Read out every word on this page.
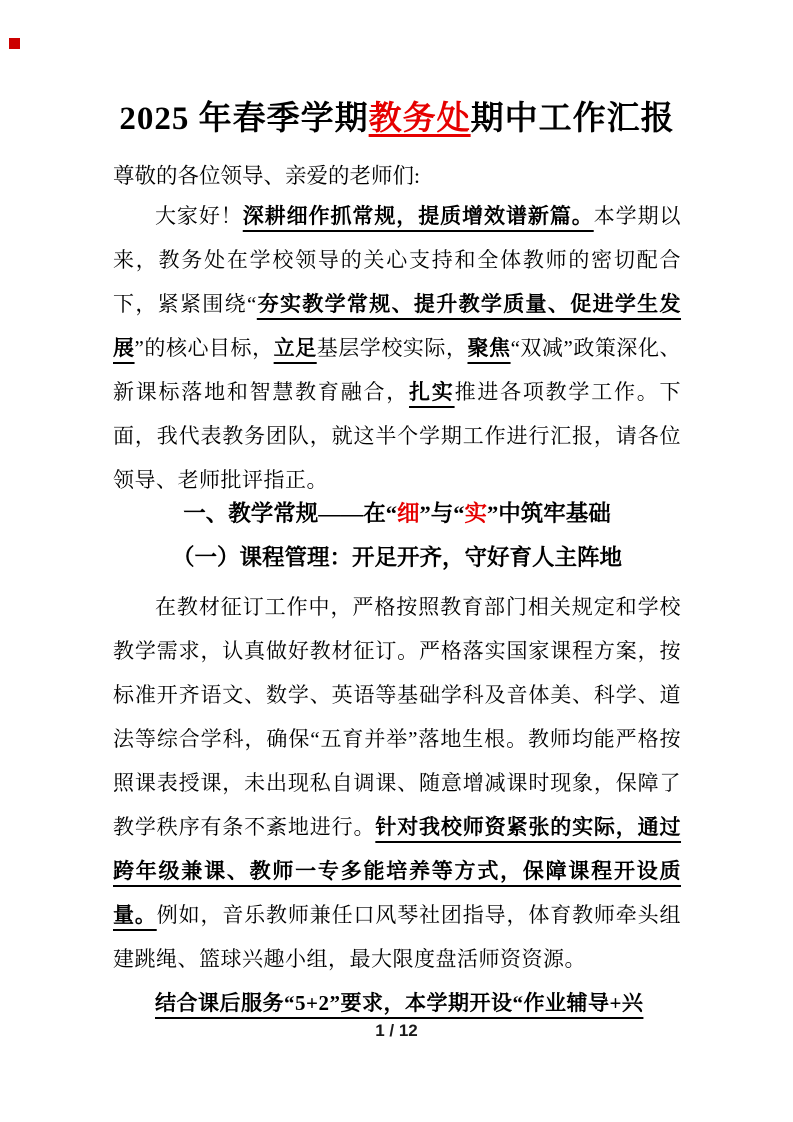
2025 年春季学期教务处期中工作汇报
尊敬的各位领导、亲爱的老师们:

大家好！深耕细作抓常规，提质增效谱新篇。本学期以来，教务处在学校领导的关心支持和全体教师的密切配合下，紧紧围绕“夯实教学常规、提升教学质量、促进学生发展”的核心目标，立足基层学校实际，聚焦“双减”政策深化、新课标落地和智慧教育融合，扎实推进各项教学工作。下面，我代表教务团队，就这半个学期工作进行汇报，请各位领导、老师批评指正。

一、教学常规——在“细”与“实”中筑牢基础
（一）课程管理：开足开齐，守好育人主阵地

在教材征订工作中，严格按照教育部门相关规定和学校教学需求，认真做好教材征订。严格落实国家课程方案，按标准开齐语文、数学、英语等基础学科及音体美、科学、道法等综合学科，确保“五育并举”落地生根。教师均能严格按照课表授课，未出现私自调课、随意增减课时现象，保障了教学秩序有条不紊地进行。针对我校师资紧张的实际，通过跨年级兼课、教师一专多能培养等方式，保障课程开设质量。例如，音乐教师兼任口风琴社团指导，体育教师牵头组建跳绳、篮球兴趣小组，最大限度盘活师资资源。

结合课后服务“5+2”要求，本学期开设“作业辅导+兴

1 / 12
